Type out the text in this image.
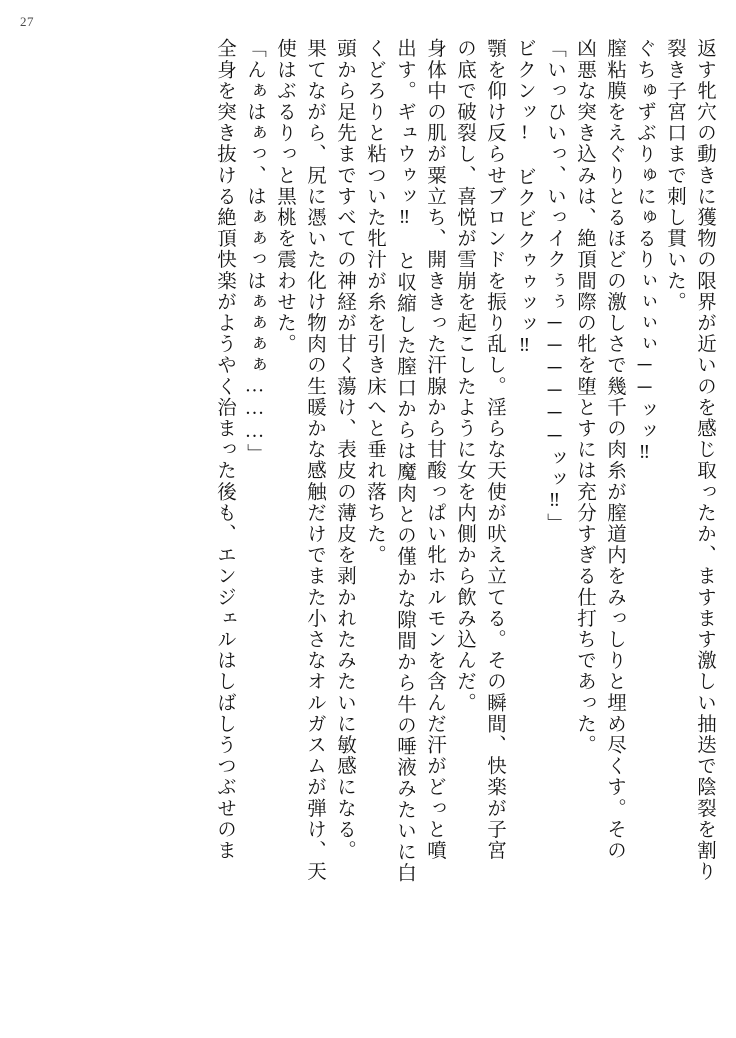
27
返す牝穴の動きに獲物の限界が近いのを感じ取ったか、ますます激しい抽迭で陰裂を割り
裂き子宮口まで刺し貫いた。
ぐちゅずぶりゅにゅるりぃぃぃぃ──ッッ‼
膣粘膜をえぐりとるほどの激しさで幾千の肉糸が膣道内をみっしりと埋め尽くす。その
凶悪な突き込みは、絶頂間際の牝を堕とすには充分すぎる仕打ちであった。
「いっひいっ、いっイクぅぅ──────ッッ‼」
ビクンッ!　ビクビクゥゥッッ‼
顎を仰け反らせブロンドを振り乱し。淫らな天使が吠え立てる。その瞬間、快楽が子宮
の底で破裂し、喜悦が雪崩を起こしたように女を内側から飲み込んだ。
身体中の肌が粟立ち、開ききった汗腺から甘酸っぱい牝ホルモンを含んだ汗がどっと噴
出す。ギュウゥッ‼　と収縮した膣口からは魔肉との僅かな隙間から牛の唾液みたいに白
くどろりと粘ついた牝汁が糸を引き床へと垂れ落ちた。
頭から足先まですべての神経が甘く蕩け、表皮の薄皮を剥かれたみたいに敏感になる。
果てながら、尻に憑いた化け物肉の生暖かな感触だけでまた小さなオルガスムが弾け、天
使はぶるりっと黒桃を震わせた。
「んぁはぁっ、はぁぁっはぁぁぁぁ………」
全身を突き抜ける絶頂快楽がようやく治まった後も、エンジェルはしばしうつぶせのま
